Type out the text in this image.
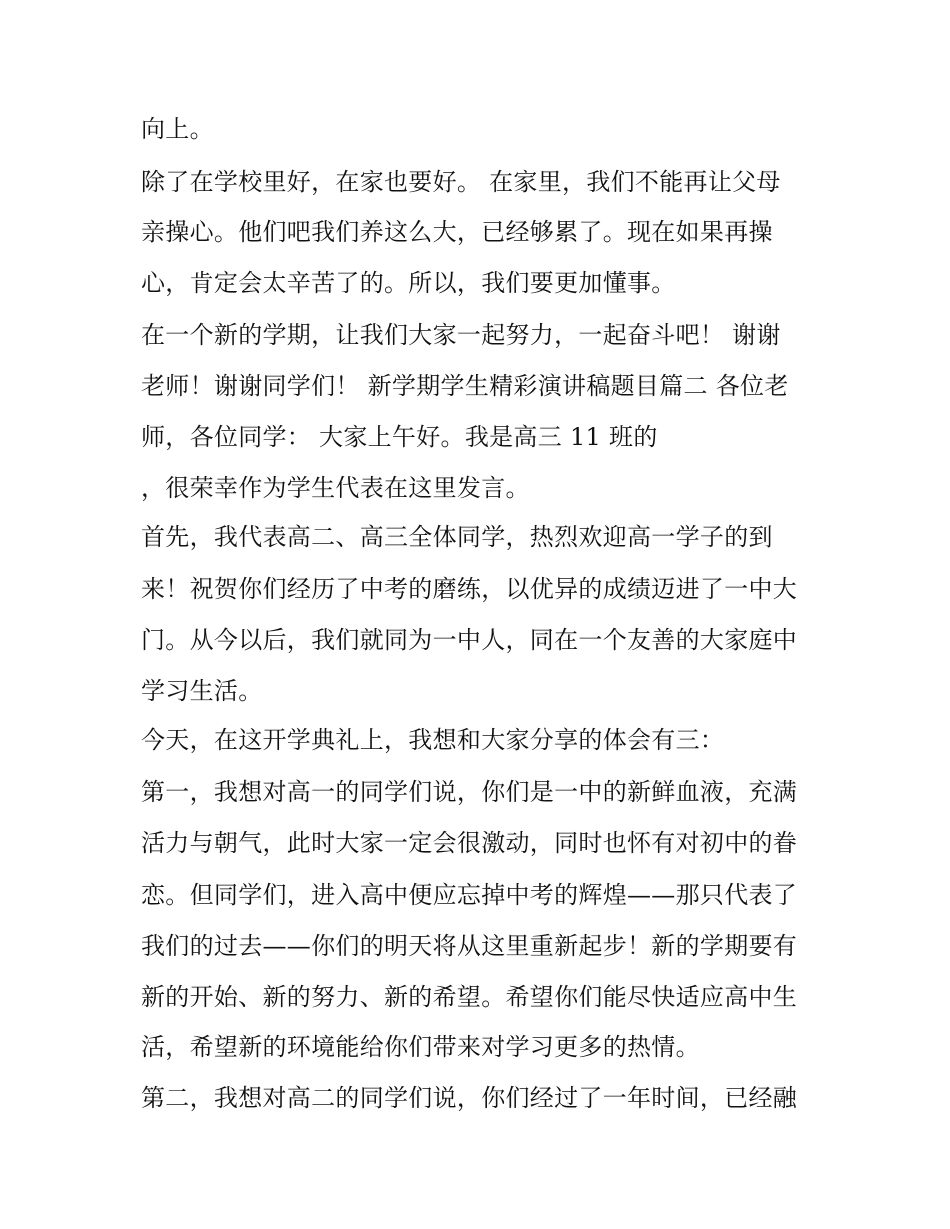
向上。
除了在学校里好，在家也要好。 在家里，我们不能再让父母
亲操心。他们吧我们养这么大，已经够累了。现在如果再操
心，肯定会太辛苦了的。所以，我们要更加懂事。
在一个新的学期，让我们大家一起努力，一起奋斗吧！ 谢谢
老师！谢谢同学们！ 新学期学生精彩演讲稿题目篇二 各位老
师，各位同学： 大家上午好。我是高三 11 班的
，很荣幸作为学生代表在这里发言。
首先，我代表高二、高三全体同学，热烈欢迎高一学子的到
来！祝贺你们经历了中考的磨练，以优异的成绩迈进了一中大
门。从今以后，我们就同为一中人，同在一个友善的大家庭中
学习生活。
今天，在这开学典礼上，我想和大家分享的体会有三：
第一，我想对高一的同学们说，你们是一中的新鲜血液，充满
活力与朝气，此时大家一定会很激动，同时也怀有对初中的眷
恋。但同学们，进入高中便应忘掉中考的辉煌——那只代表了
我们的过去——你们的明天将从这里重新起步！新的学期要有
新的开始、新的努力、新的希望。希望你们能尽快适应高中生
活，希望新的环境能给你们带来对学习更多的热情。
第二，我想对高二的同学们说，你们经过了一年时间，已经融
